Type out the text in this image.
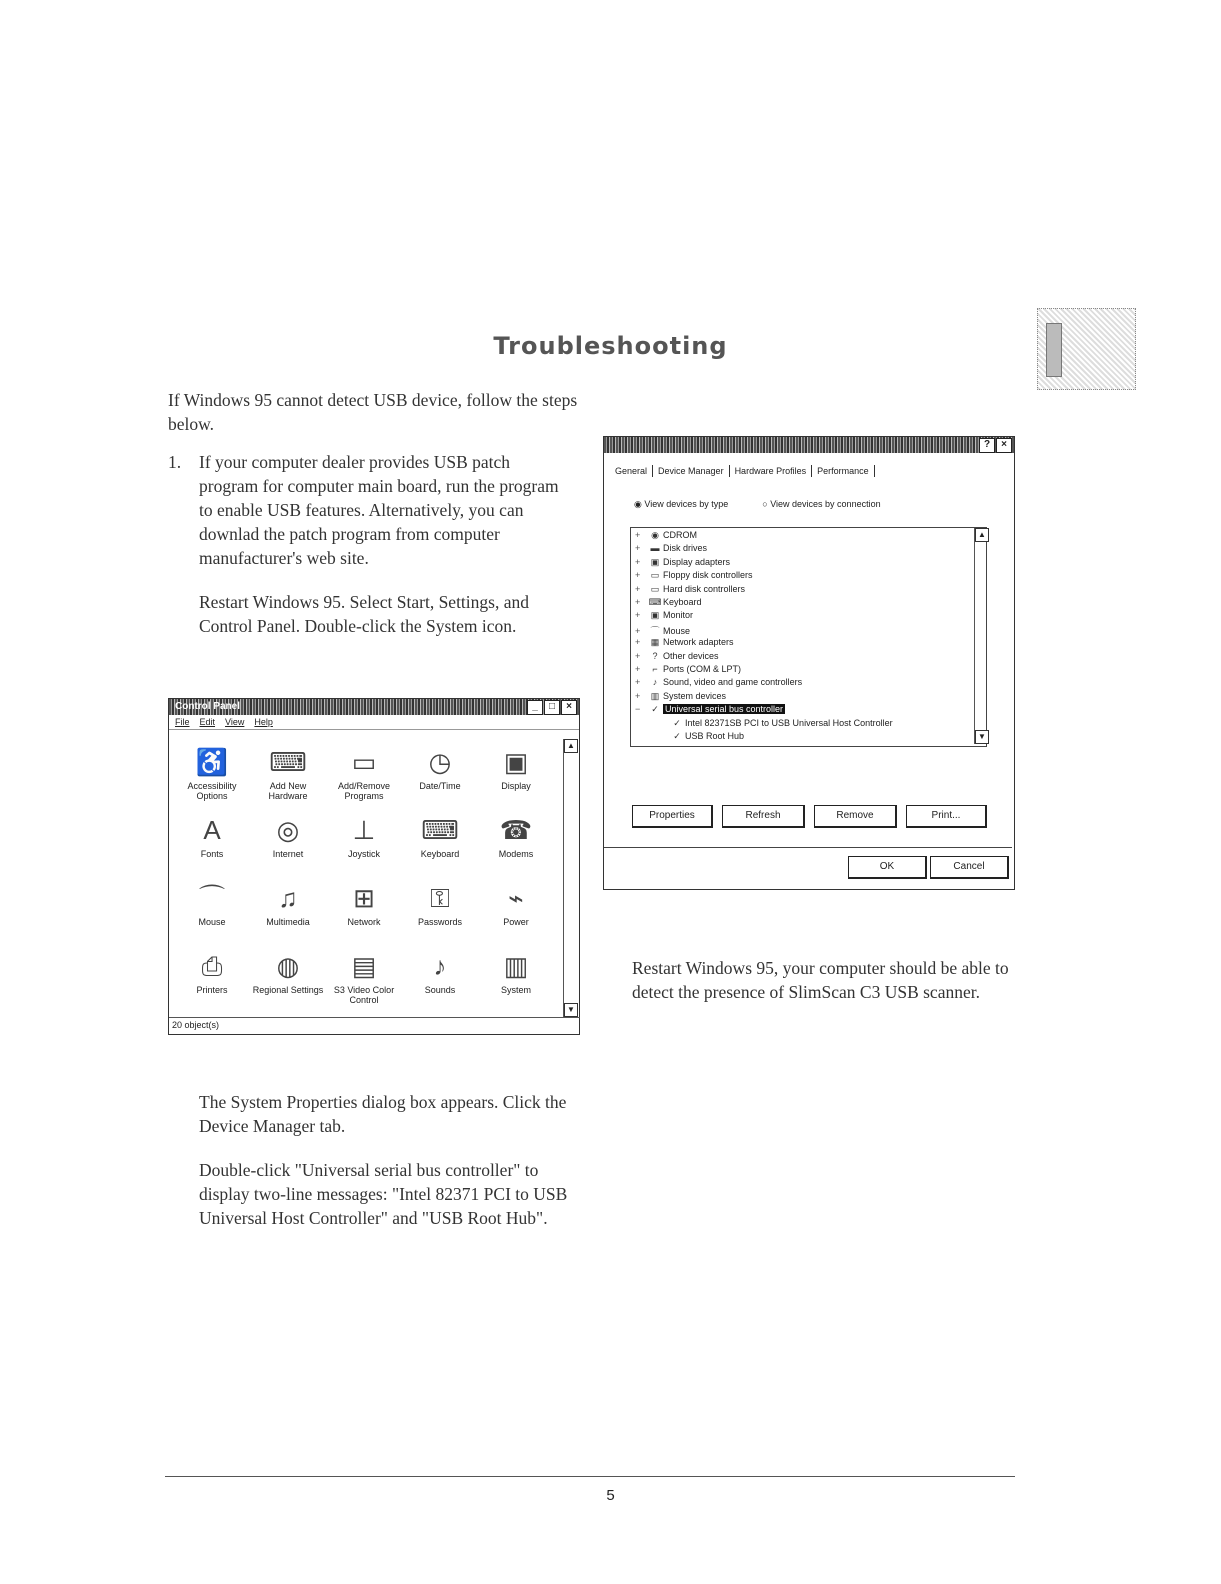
Troubleshooting

If Windows 95 cannot detect USB device, follow the steps below.

1.	If your computer dealer provides USB patch program for computer main board, run the program to enable USB features. Alternatively, you can downlad the patch program from computer manufacturer's web site.
Restart Windows 95. Select Start, Settings, and Control Panel. Double-click the System icon.
Control Panel	_	□	×
File Edit View Help
♿
Accessibility Options
⌨
Add New Hardware
▭
Add/Remove Programs
◷
Date/Time
▣
Display
A
Fonts
◎
Internet
⊥
Joystick
⌨
Keyboard
☎
Modems
⌒
Mouse
♫
Multimedia
⊞
Network
⚿
Passwords
⌁
Power
⎙
Printers
◍
Regional Settings
▤
S3 Video Color Control
♪
Sounds
▥
System
▲
▼
20 object(s)
The System Properties dialog box appears. Click the Device Manager tab.
Double-click "Universal serial bus controller" to display two-line messages: "Intel 82371 PCI to USB Universal Host Controller" and "USB Root Hub".
?	×
General	Device Manager	Hardware Profiles	Performance
◉ View devices by type	○ View devices by connection
+ ◉ CDROM
+ ▬ Disk drives
+ ▣ Display adapters
+ ▭ Floppy disk controllers
+ ▭ Hard disk controllers
+ ⌨ Keyboard
+ ▣ Monitor
+ ⌒ Mouse
+ ▦ Network adapters
+ ? Other devices
+ ⌐ Ports (COM & LPT)
+ ♪ Sound, video and game controllers
+ ▥ System devices
− ✓ Universal serial bus controller
✓ Intel 82371SB PCI to USB Universal Host Controller
✓ USB Root Hub
▲
▼
Properties	Refresh	Remove	Print...
OK	Cancel
Restart Windows 95, your computer should be able to detect the presence of SlimScan C3 USB scanner.
5
